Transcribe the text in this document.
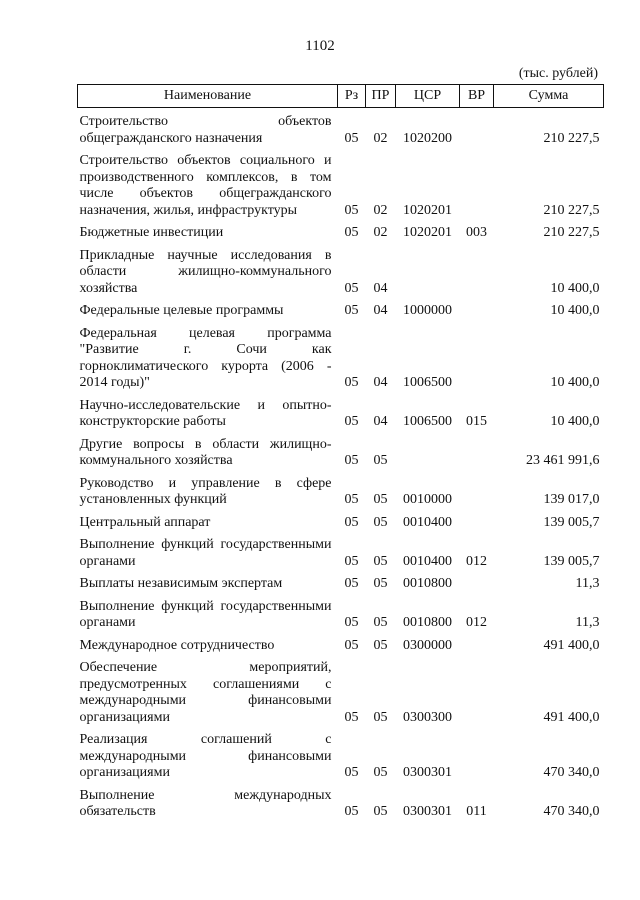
1102
(тыс. рублей)
Наименование	Рз	ПР	ЦСР	ВР	Сумма
Строительство объектов общегражданского назначения	05	02	1020200		210 227,5
Строительство объектов социального и производственного комплексов, в том числе объектов общегражданского назначения, жилья, инфраструктуры	05	02	1020201		210 227,5
Бюджетные инвестиции	05	02	1020201	003	210 227,5
Прикладные научные исследования в области жилищно-коммунального хозяйства	05	04			10 400,0
Федеральные целевые программы	05	04	1000000		10 400,0
Федеральная целевая программа "Развитие г. Сочи как горноклиматического курорта (2006 - 2014 годы)"	05	04	1006500		10 400,0
Научно-исследовательские и опытно-конструкторские работы	05	04	1006500	015	10 400,0
Другие вопросы в области жилищно-коммунального хозяйства	05	05			23 461 991,6
Руководство и управление в сфере установленных функций	05	05	0010000		139 017,0
Центральный аппарат	05	05	0010400		139 005,7
Выполнение функций государственными органами	05	05	0010400	012	139 005,7
Выплаты независимым экспертам	05	05	0010800		11,3
Выполнение функций государственными органами	05	05	0010800	012	11,3
Международное сотрудничество	05	05	0300000		491 400,0
Обеспечение мероприятий, предусмотренных соглашениями с международными финансовыми организациями	05	05	0300300		491 400,0
Реализация соглашений с международными финансовыми организациями	05	05	0300301		470 340,0
Выполнение международных обязательств	05	05	0300301	011	470 340,0
